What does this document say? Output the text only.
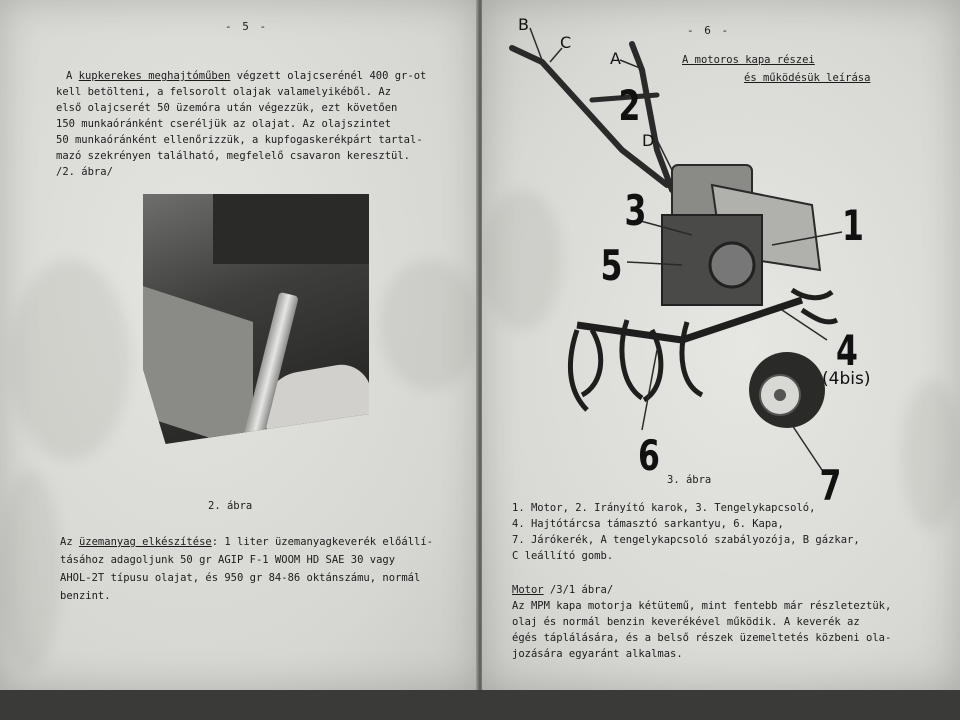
- 5 -
A kupkerekes meghajtóműben végzett olajcserénél 400 gr-ot
kell betölteni, a felsorolt olajak valamelyikéből. Az
első olajcserét 50 üzemóra után végezzük, ezt követően
150 munkaóránként cseréljük az olajat. Az olajszintet
50 munkaóránként ellenőrizzük, a kupfogaskerékpárt tartal-
mazó szekrényen található, megfelelő csavaron keresztül.
/2. ábra/
2. ábra
Az üzemanyag elkészítése: 1 liter üzemanyagkeverék előállí-
tásához adagoljunk 50 gr AGIP F-1 WOOM HD SAE 30 vagy
AHOL-2T típusu olajat, és 950 gr 84-86 oktánszámu, normál
benzint.
- 6 -
A motoros kapa részei
és működésük leírása
B
C
A
2
D
3	1
5
4
(4bis)
6
7
3. ábra
1. Motor, 2. Irányító karok, 3. Tengelykapcsoló,
4. Hajtótárcsa támasztó sarkantyu, 6. Kapa,
7. Járókerék, A tengelykapcsoló szabályozója, B gázkar,
C leállító gomb.
Motor /3/1 ábra/
Az MPM kapa motorja kétütemű, mint fentebb már részleteztük,
olaj és normál benzin keverékével működik. A keverék az
égés táplálására, és a belső részek üzemeltetés közbeni ola-
jozására egyaránt alkalmas.
